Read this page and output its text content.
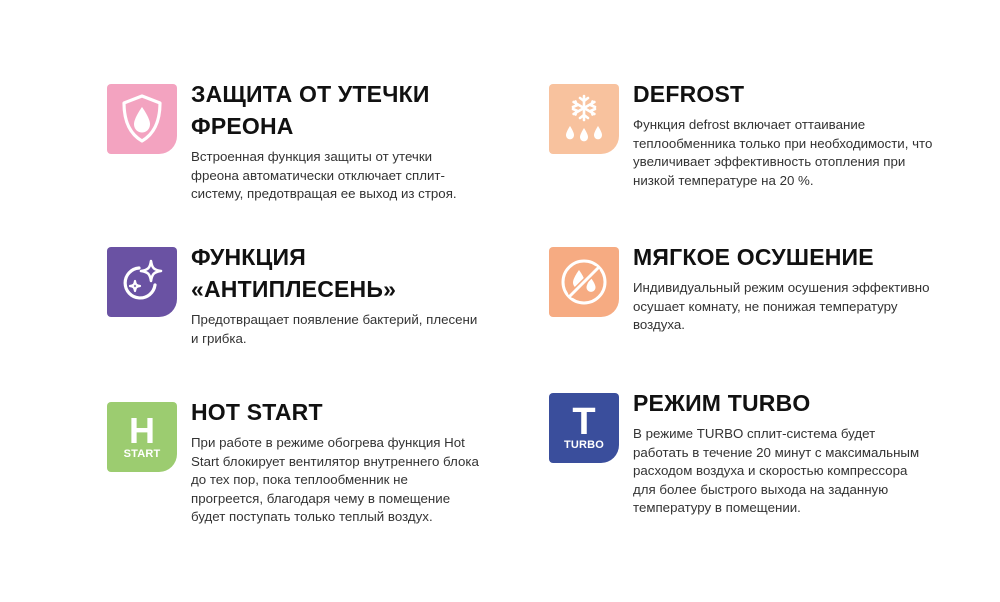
ЗАЩИТА ОТ УТЕЧКИ ФРЕОНА

Встроенная функция защиты от утечки фреона автоматически отключает сплит-систему, предотвращая ее выход из строя.

DEFROST

Функция defrost включает оттаивание теплообменника только при необходимости, что увеличивает эффективность отопления при низкой температуре на 20 %.

ФУНКЦИЯ «АНТИПЛЕСЕНЬ»

Предотвращает появление бактерий, плесени и грибка.

МЯГКОЕ ОСУШЕНИЕ

Индивидуальный режим осушения эффективно осушает комнату, не понижая температуру воздуха.

H
START
HOT START

При работе в режиме обогрева функция Hot Start блокирует вентилятор внутреннего блока до тех пор, пока теплообменник не прогреется, благодаря чему в помещение будет поступать только теплый воздух.

T
TURBO
РЕЖИМ TURBO

В режиме TURBO сплит-система будет работать в течение 20 минут с максимальным расходом воздуха и скоростью компрессора для более быстрого выхода на заданную температуру в помещении.
